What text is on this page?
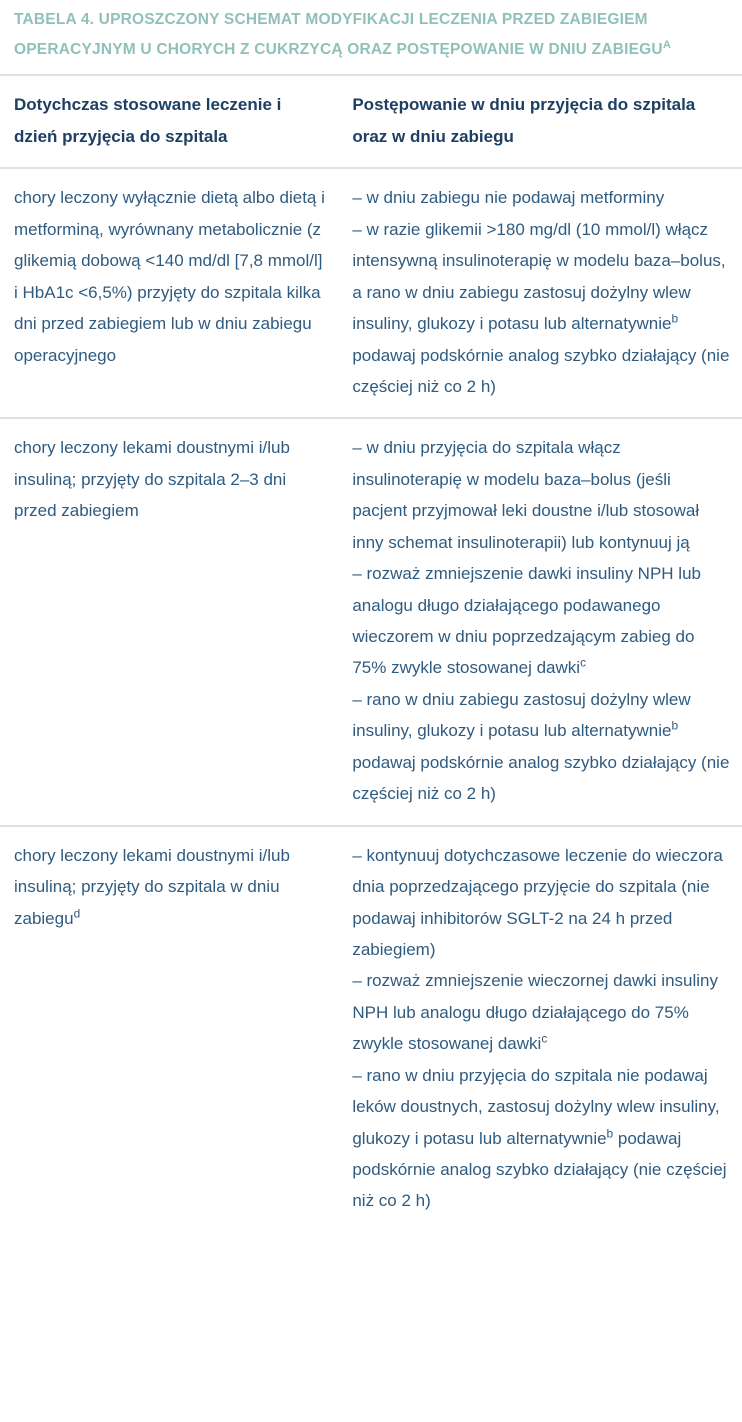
TABELA 4. UPROSZCZONY SCHEMAT MODYFIKACJI LECZENIA PRZED ZABIEGIEM OPERACYJNYM U CHORYCH Z CUKRZYCĄ ORAZ POSTĘPOWANIE W DNIU $ZABIEGU^A$
Dotychczas stosowane leczenie i dzień przyjęcia do szpitala	Postępowanie w dniu przyjęcia do szpitala oraz w dniu zabiegu
chory leczony wyłącznie dietą albo dietą i metforminą, wyrównany metabolicznie (z glikemią dobową <140 md/dl [7,8 mmol/l] i HbA1c <6,5%) przyjęty do szpitala kilka dni przed zabiegiem lub w dniu zabiegu operacyjnego	– w dniu zabiegu nie podawaj metforminy
– w razie glikemii >180 mg/dl (10 mmol/l) włącz intensywną insulinoterapię w modelu baza–bolus, a rano w dniu zabiegu zastosuj dożylny wlew insuliny, glukozy i potasu lub alternatywnie$^b$ podawaj podskórnie analog szybko działający (nie częściej niż co 2 h)
chory leczony lekami doustnymi i/lub insuliną; przyjęty do szpitala 2–3 dni przed zabiegiem	– w dniu przyjęcia do szpitala włącz insulinoterapię w modelu baza–bolus (jeśli pacjent przyjmował leki doustne i/lub stosował inny schemat insulinoterapii) lub kontynuuj ją
– rozważ zmniejszenie dawki insuliny NPH lub analogu długo działającego podawanego wieczorem w dniu poprzedzającym zabieg do 75% zwykle stosowanej dawki$^c$
– rano w dniu zabiegu zastosuj dożylny wlew insuliny, glukozy i potasu lub alternatywnie$^b$ podawaj podskórnie analog szybko działający (nie częściej niż co 2 h)
chory leczony lekami doustnymi i/lub insuliną; przyjęty do szpitala w dniu zabiegu$^d$	– kontynuuj dotychczasowe leczenie do wieczora dnia poprzedzającego przyjęcie do szpitala (nie podawaj inhibitorów SGLT-2 na 24 h przed zabiegiem)
– rozważ zmniejszenie wieczornej dawki insuliny NPH lub analogu długo działającego do 75% zwykle stosowanej dawki$^c$
– rano w dniu przyjęcia do szpitala nie podawaj leków doustnych, zastosuj dożylny wlew insuliny, glukozy i potasu lub alternatywnie$^b$ podawaj podskórnie analog szybko działający (nie częściej niż co 2 h)
